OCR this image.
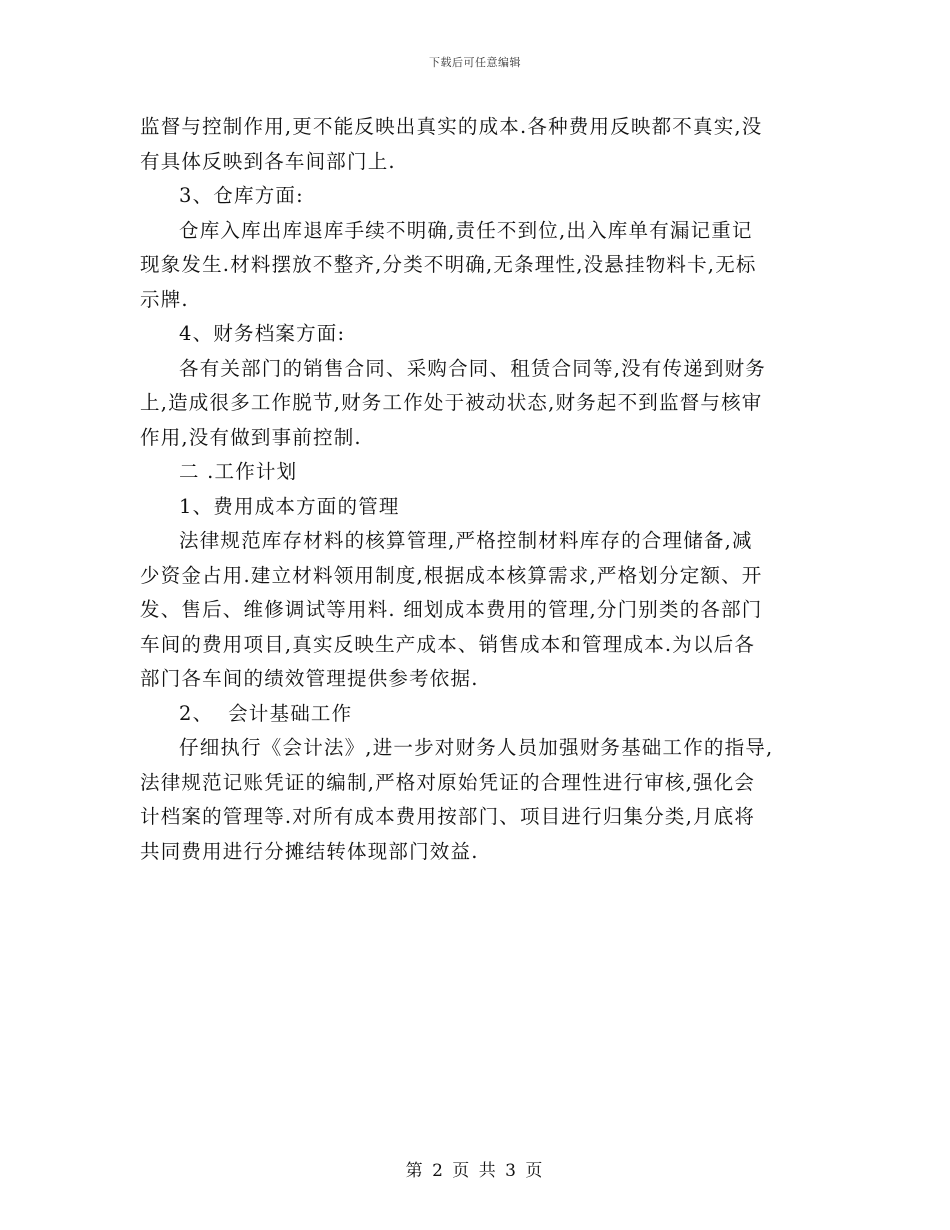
下载后可任意编辑

监督与控制作用,更不能反映出真实的成本.各种费用反映都不真实,没
有具体反映到各车间部门上.

3、仓库方面:

仓库入库出库退库手续不明确,责任不到位,出入库单有漏记重记
现象发生.材料摆放不整齐,分类不明确,无条理性,没悬挂物料卡,无标
示牌.

4、财务档案方面:

各有关部门的销售合同、采购合同、租赁合同等,没有传递到财务
上,造成很多工作脱节,财务工作处于被动状态,财务起不到监督与核审
作用,没有做到事前控制.

二 .工作计划

1、费用成本方面的管理

法律规范库存材料的核算管理,严格控制材料库存的合理储备,减
少资金占用.建立材料领用制度,根据成本核算需求,严格划分定额、开
发、售后、维修调试等用料. 细划成本费用的管理,分门别类的各部门
车间的费用项目,真实反映生产成本、销售成本和管理成本.为以后各
部门各车间的绩效管理提供参考依据.

2、  会计基础工作

仔细执行《会计法》,进一步对财务人员加强财务基础工作的指导,
法律规范记账凭证的编制,严格对原始凭证的合理性进行审核,强化会
计档案的管理等.对所有成本费用按部门、项目进行归集分类,月底将
共同费用进行分摊结转体现部门效益.

第 2 页 共 3 页
